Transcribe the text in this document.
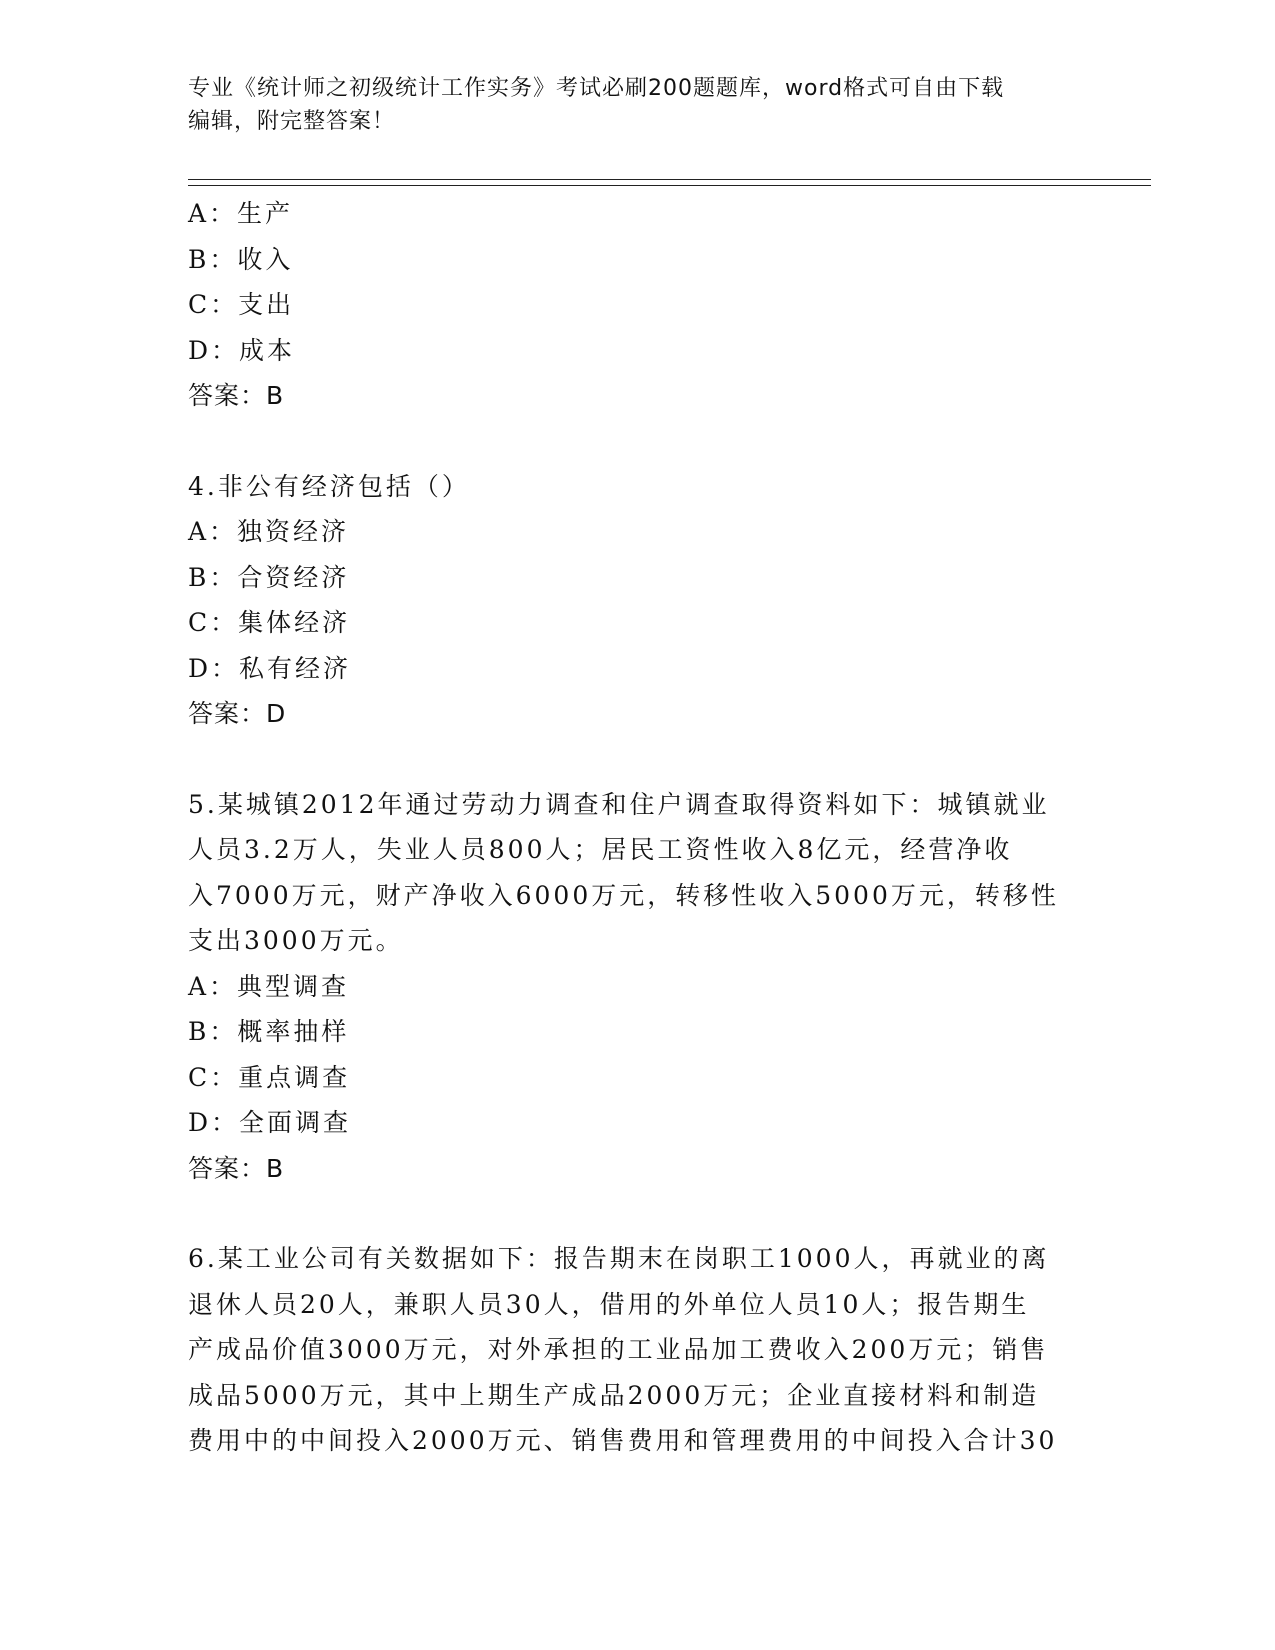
专业《统计师之初级统计工作实务》考试必刷200题题库，word格式可自由下载
编辑，附完整答案！
A：生产
B：收入
C：支出
D：成本
答案：B
4.非公有经济包括（）
A：独资经济
B：合资经济
C：集体经济
D：私有经济
答案：D
5.某城镇2012年通过劳动力调查和住户调查取得资料如下：城镇就业
人员3.2万人，失业人员800人；居民工资性收入8亿元，经营净收
入7000万元，财产净收入6000万元，转移性收入5000万元，转移性
支出3000万元。
A：典型调查
B：概率抽样
C：重点调查
D：全面调查
答案：B
6.某工业公司有关数据如下：报告期末在岗职工1000人，再就业的离
退休人员20人，兼职人员30人，借用的外单位人员10人；报告期生
产成品价值3000万元，对外承担的工业品加工费收入200万元；销售
成品5000万元，其中上期生产成品2000万元；企业直接材料和制造
费用中的中间投入2000万元、销售费用和管理费用的中间投入合计30
